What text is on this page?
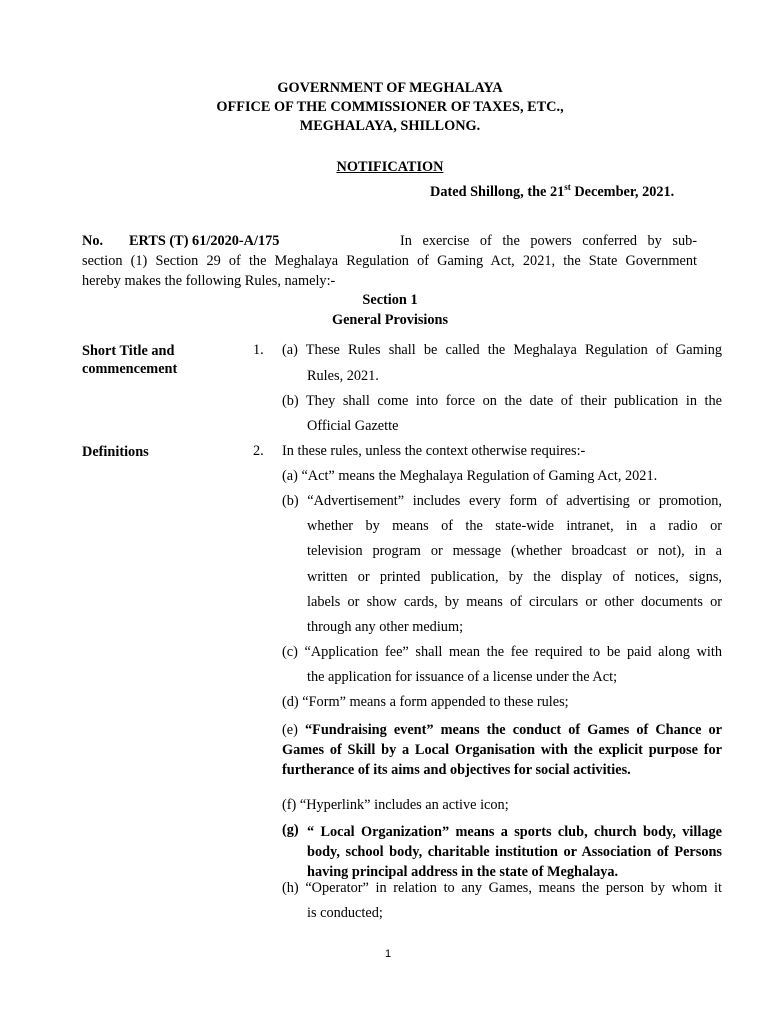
GOVERNMENT OF MEGHALAYA
OFFICE OF THE COMMISSIONER OF TAXES, ETC.,
MEGHALAYA, SHILLONG.
NOTIFICATION
Dated Shillong, the 21st December, 2021.
No. ERTS (T) 61/2020-A/175	In exercise of the powers conferred by sub-
section (1) Section 29 of the Meghalaya Regulation of Gaming Act, 2021, the State Government
hereby makes the following Rules, namely:-
Section 1
General Provisions
Short Title and
commencement
1. (a) These Rules shall be called the Meghalaya Regulation of Gaming
Rules, 2021.
(b) They shall come into force on the date of their publication in the
Official Gazette
Definitions	2. In these rules, unless the context otherwise requires:-
(a) “Act” means the Meghalaya Regulation of Gaming Act, 2021.
(b) “Advertisement” includes every form of advertising or promotion,
whether by means of the state-wide intranet, in a radio or
television program or message (whether broadcast or not), in a
written or printed publication, by the display of notices, signs,
labels or show cards, by means of circulars or other documents or
through any other medium;
(c) “Application fee” shall mean the fee required to be paid along with
the application for issuance of a license under the Act;
(d) “Form” means a form appended to these rules;
(e) “Fundraising event” means the conduct of Games of Chance or Games of Skill by a Local Organisation with the explicit purpose for furtherance of its aims and objectives for social activities.
(f) “Hyperlink” includes an active icon;
(g) “ Local Organization” means a sports club, church body, village body, school body, charitable institution or Association of Persons having principal address in the state of Meghalaya.
(h) “Operator” in relation to any Games, means the person by whom it
is conducted;
1
